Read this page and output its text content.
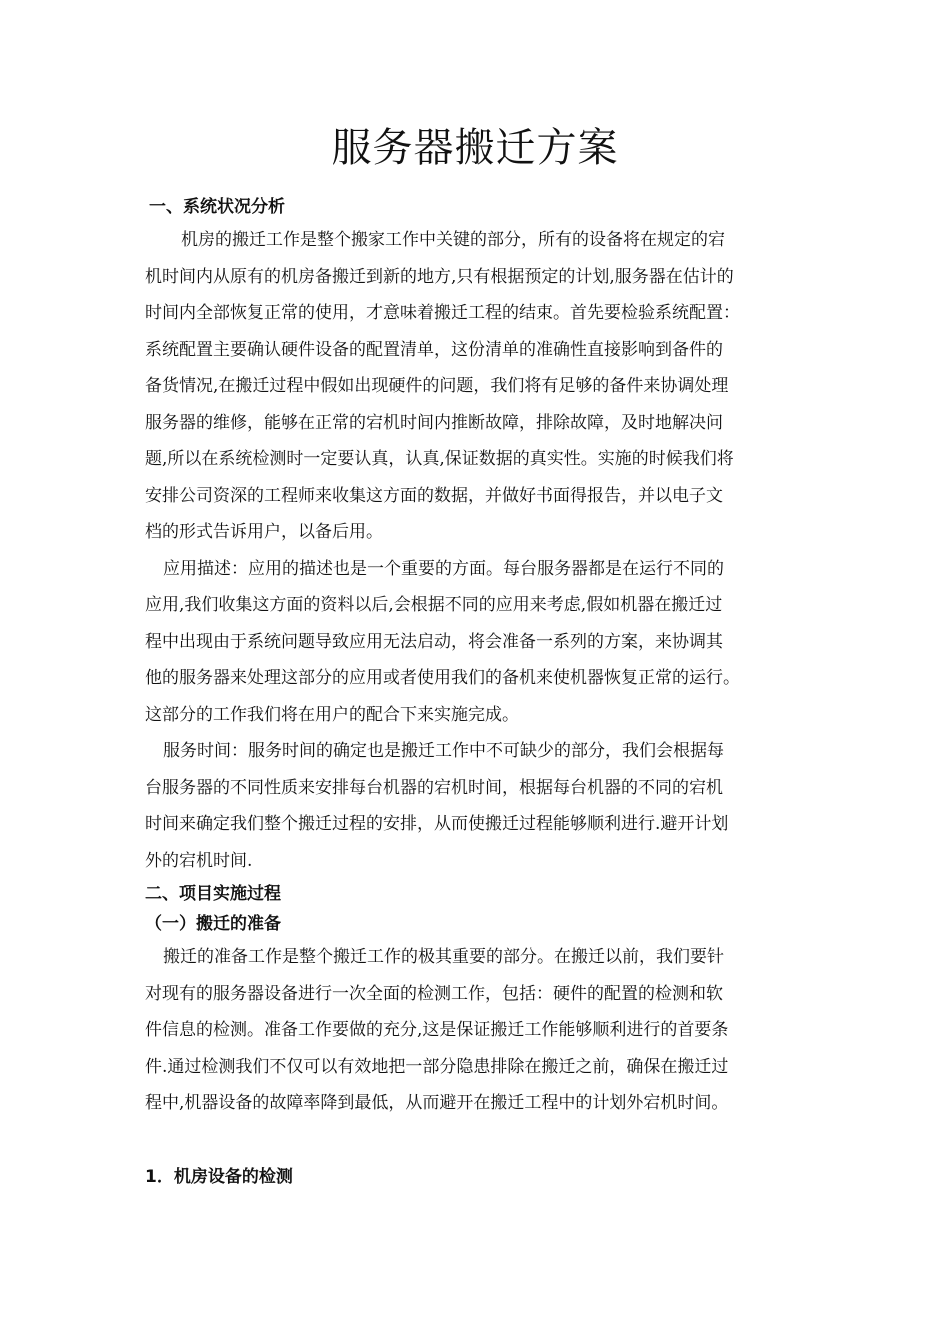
服务器搬迁方案
一、系统状况分析
机房的搬迁工作是整个搬家工作中关键的部分，所有的设备将在规定的宕
机时间内从原有的机房备搬迁到新的地方,只有根据预定的计划,服务器在估计的
时间内全部恢复正常的使用，才意味着搬迁工程的结束。首先要检验系统配置：
系统配置主要确认硬件设备的配置清单，这份清单的准确性直接影响到备件的
备货情况,在搬迁过程中假如出现硬件的问题，我们将有足够的备件来协调处理
服务器的维修，能够在正常的宕机时间内推断故障，排除故障，及时地解决问
题,所以在系统检测时一定要认真，认真,保证数据的真实性。实施的时候我们将
安排公司资深的工程师来收集这方面的数据，并做好书面得报告，并以电子文
档的形式告诉用户，以备后用。
应用描述：应用的描述也是一个重要的方面。每台服务器都是在运行不同的
应用,我们收集这方面的资料以后,会根据不同的应用来考虑,假如机器在搬迁过
程中出现由于系统问题导致应用无法启动，将会准备一系列的方案，来协调其
他的服务器来处理这部分的应用或者使用我们的备机来使机器恢复正常的运行。
这部分的工作我们将在用户的配合下来实施完成。
服务时间：服务时间的确定也是搬迁工作中不可缺少的部分，我们会根据每
台服务器的不同性质来安排每台机器的宕机时间，根据每台机器的不同的宕机
时间来确定我们整个搬迁过程的安排，从而使搬迁过程能够顺利进行.避开计划
外的宕机时间.
二、项目实施过程
（一）搬迁的准备
搬迁的准备工作是整个搬迁工作的极其重要的部分。在搬迁以前，我们要针
对现有的服务器设备进行一次全面的检测工作，包括：硬件的配置的检测和软
件信息的检测。准备工作要做的充分,这是保证搬迁工作能够顺利进行的首要条
件.通过检测我们不仅可以有效地把一部分隐患排除在搬迁之前，确保在搬迁过
程中,机器设备的故障率降到最低，从而避开在搬迁工程中的计划外宕机时间。
1．机房设备的检测
